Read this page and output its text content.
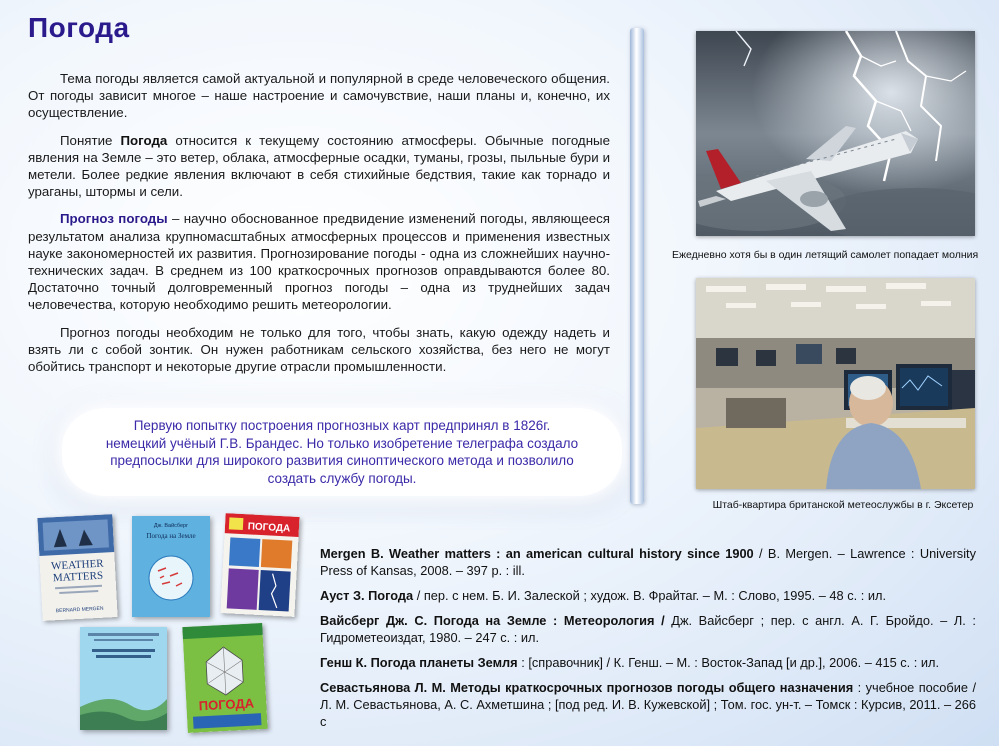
Погода

Тема погоды является самой актуальной и популярной в среде человеческого общения. От погоды зависит многое – наше настроение и самочувствие, наши планы и, конечно, их осуществление.

Понятие Погода относится к текущему состоянию атмосферы. Обычные погодные явления на Земле – это ветер, облака, атмосферные осадки, туманы, грозы, пыльные бури и метели. Более редкие явления включают в себя стихийные бедствия, такие как торнадо и ураганы, штормы и сели.

Прогноз погоды – научно обоснованное предвидение изменений погоды, являющееся результатом анализа крупномасштабных атмосферных процессов и применения известных науке закономерностей их развития. Прогнозирование погоды - одна из сложнейших научно-технических задач. В среднем из 100 краткосрочных прогнозов оправдываются более 80. Достаточно точный долговременный прогноз погоды – одна из труднейших задач человечества, которую необходимо решить метеорологии.

Прогноз погоды необходим не только для того, чтобы знать, какую одежду надеть и взять ли с собой зонтик. Он нужен работникам сельского хозяйства, без него не могут обойтись транспорт и некоторые другие отрасли промышленности.

Первую попытку построения прогнозных карт предпринял в 1826г.
немецкий учёный Г.В. Брандес. Но только изобретение телеграфа создало
предпосылки для широкого развития синоптического метода и позволило
создать службу погоды.
Ежедневно хотя бы в один летящий самолет попадает молния
Штаб-квартира британской метеослужбы в г. Эксетер
WEATHER
MATTERS
BERNARD MERGEN
Дж. Вайсберг
Погода на Земле
ПОГОДА
ПОГОДА
Mergen B. Weather matters : an american cultural history since 1900 / B. Mergen. – Lawrence : University Press of Kansas, 2008. – 397 p. : ill.
Ауст З. Погода / пер. с нем. Б. И. Залеской ; худож. В. Фрайтаг. – М. : Слово, 1995. – 48 с. : ил.
Вайсберг Дж. С. Погода на Земле : Метеорология / Дж. Вайсберг ; пер. с англ. А. Г. Бройдо. – Л. : Гидрометеоиздат, 1980. – 247 с. : ил.
Генш К. Погода планеты Земля : [справочник] / К. Генш. – М. : Восток-Запад [и др.], 2006. – 415 с. : ил.
Севастьянова Л. М. Методы краткосрочных прогнозов погоды общего назначения : учебное пособие / Л. М. Севастьянова, А. С. Ахметшина ; [под ред. И. В. Кужевской] ; Том. гос. ун-т. – Томск : Курсив, 2011. – 266 с
